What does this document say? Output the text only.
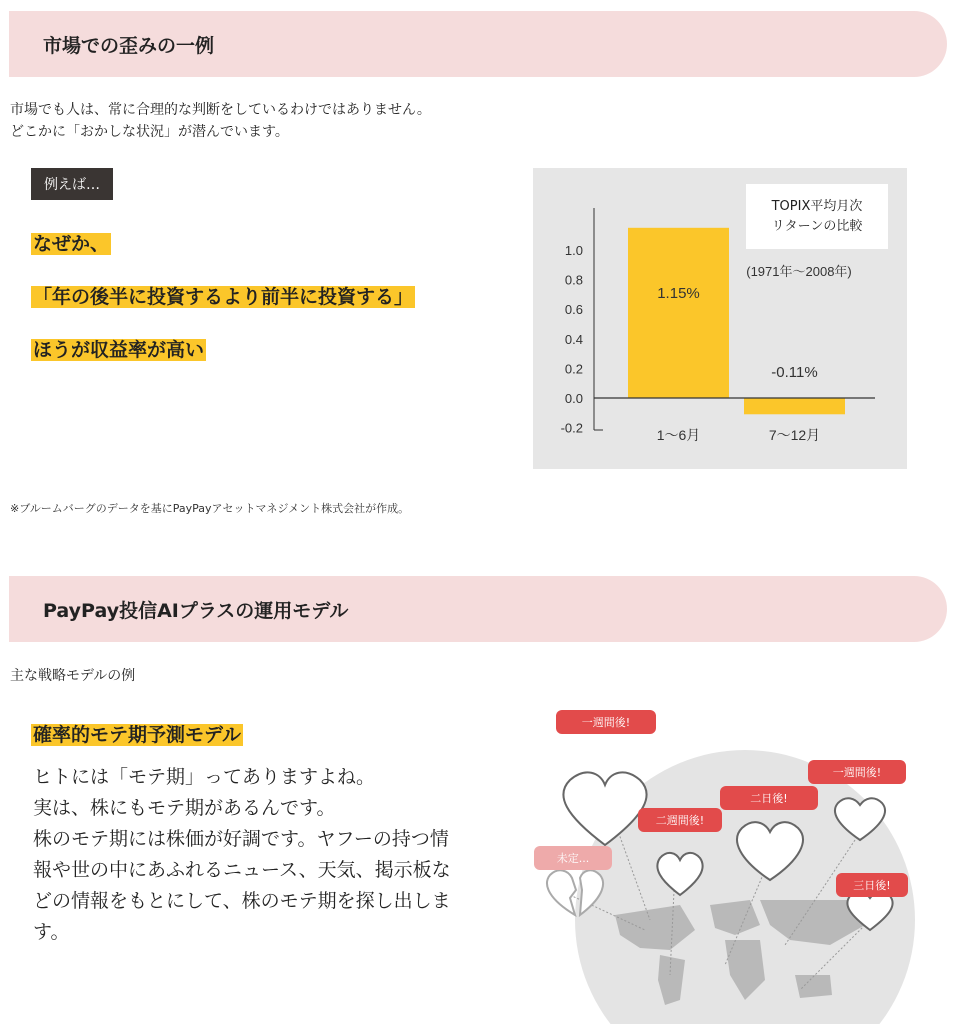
市場での歪みの一例
市場でも人は、常に合理的な判断をしているわけではありません。
どこかに「おかしな状況」が潜んでいます。
例えば…
なぜか、
「年の後半に投資するより前半に投資する」
ほうが収益率が高い
1.0
0.8
0.6
0.4
0.2
0.0
-0.2
1.15%
1〜6月
-0.11%
7〜12月
(1971年〜2008年)
TOPIX平均月次
リターンの比較
※ブルームバーグのデータを基にPayPayアセットマネジメント株式会社が作成。
PayPay投信AIプラスの運用モデル
主な戦略モデルの例
確率的モテ期予測モデル
ヒトには「モテ期」ってありますよね。
実は、株にもモテ期があるんです。
株のモテ期には株価が好調です。ヤフーの持つ情
報や世の中にあふれるニュース、天気、掲示板な
どの情報をもとにして、株のモテ期を探し出しま
す。
一週間後!
一週間後!
二日後!
二週間後!
未定...
三日後!
